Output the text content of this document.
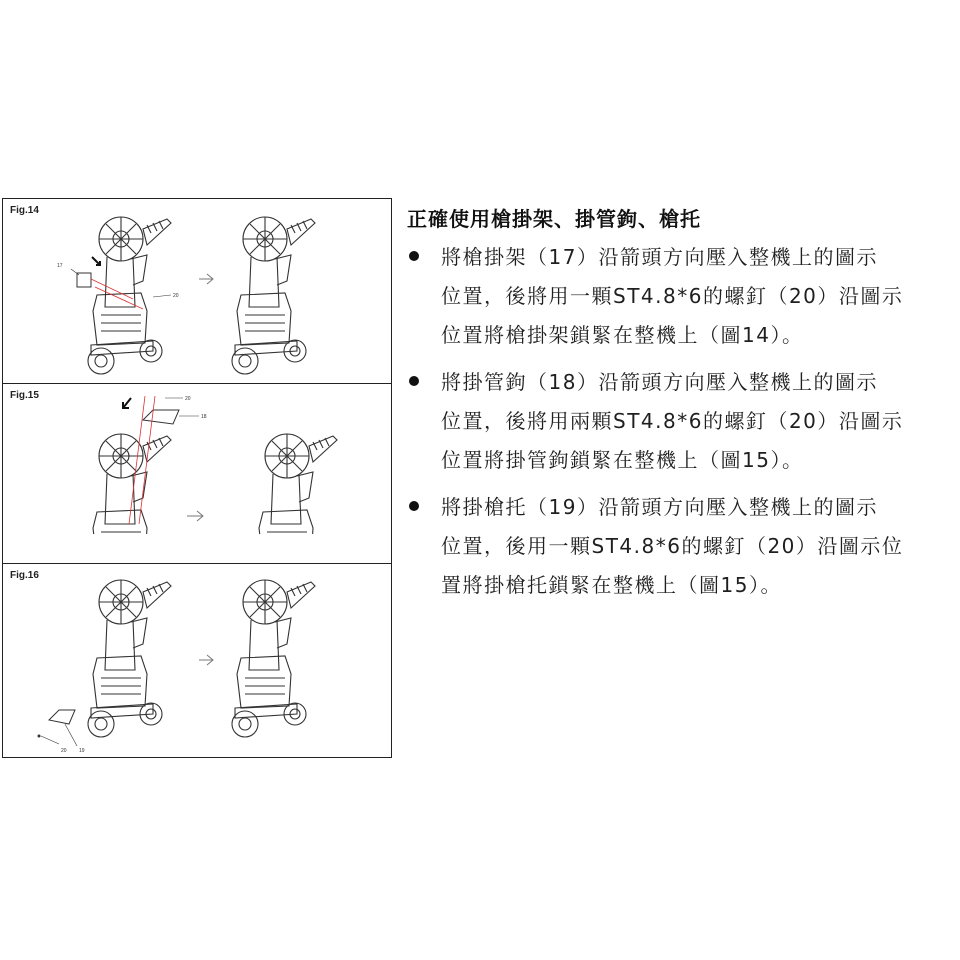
Fig.14
17
20
Fig.15	20
18
Fig.16
20 19
正確使用槍掛架、掛管鉤、槍托
將槍掛架（17）沿箭頭方向壓入整機上的圖示
位置，後將用一顆ST4.8*6的螺釘（20）沿圖示
位置將槍掛架鎖緊在整機上（圖14）。
將掛管鉤（18）沿箭頭方向壓入整機上的圖示
位置，後將用兩顆ST4.8*6的螺釘（20）沿圖示
位置將掛管鉤鎖緊在整機上（圖15）。
將掛槍托（19）沿箭頭方向壓入整機上的圖示
位置，後用一顆ST4.8*6的螺釘（20）沿圖示位
置將掛槍托鎖緊在整機上（圖15）。
